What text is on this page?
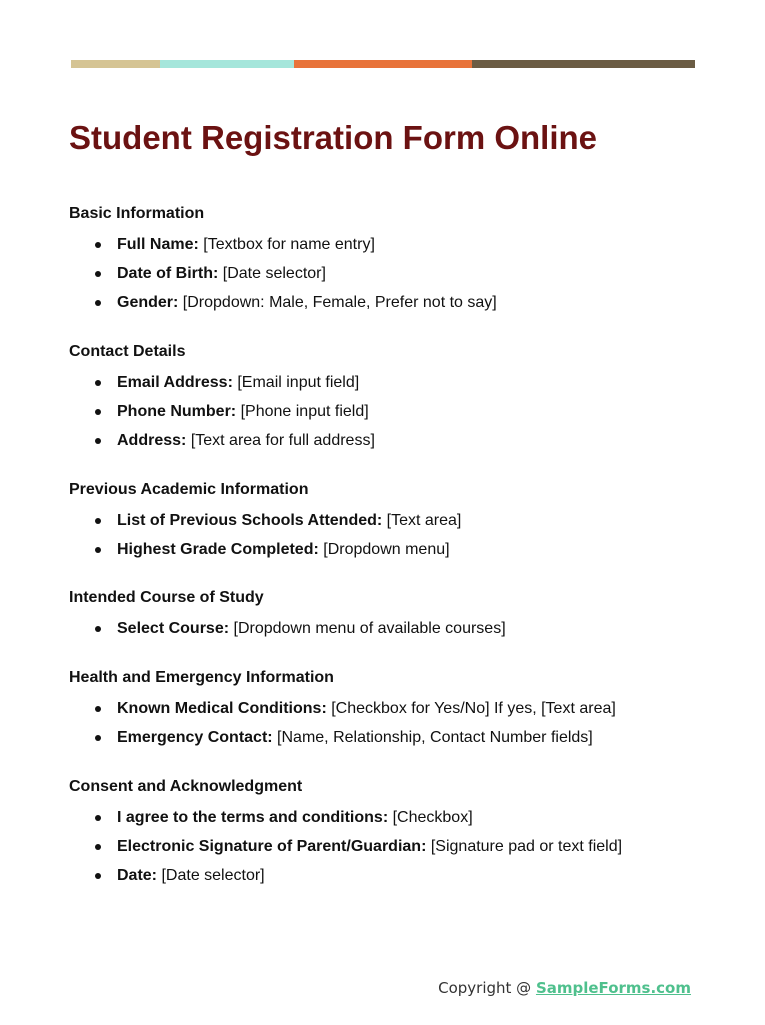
Student Registration Form Online
Basic Information
Full Name: [Textbox for name entry]
Date of Birth: [Date selector]
Gender: [Dropdown: Male, Female, Prefer not to say]
Contact Details
Email Address: [Email input field]
Phone Number: [Phone input field]
Address: [Text area for full address]
Previous Academic Information
List of Previous Schools Attended: [Text area]
Highest Grade Completed: [Dropdown menu]
Intended Course of Study
Select Course: [Dropdown menu of available courses]
Health and Emergency Information
Known Medical Conditions: [Checkbox for Yes/No] If yes, [Text area]
Emergency Contact: [Name, Relationship, Contact Number fields]
Consent and Acknowledgment
I agree to the terms and conditions: [Checkbox]
Electronic Signature of Parent/Guardian: [Signature pad or text field]
Date: [Date selector]
Copyright @ SampleForms.com
